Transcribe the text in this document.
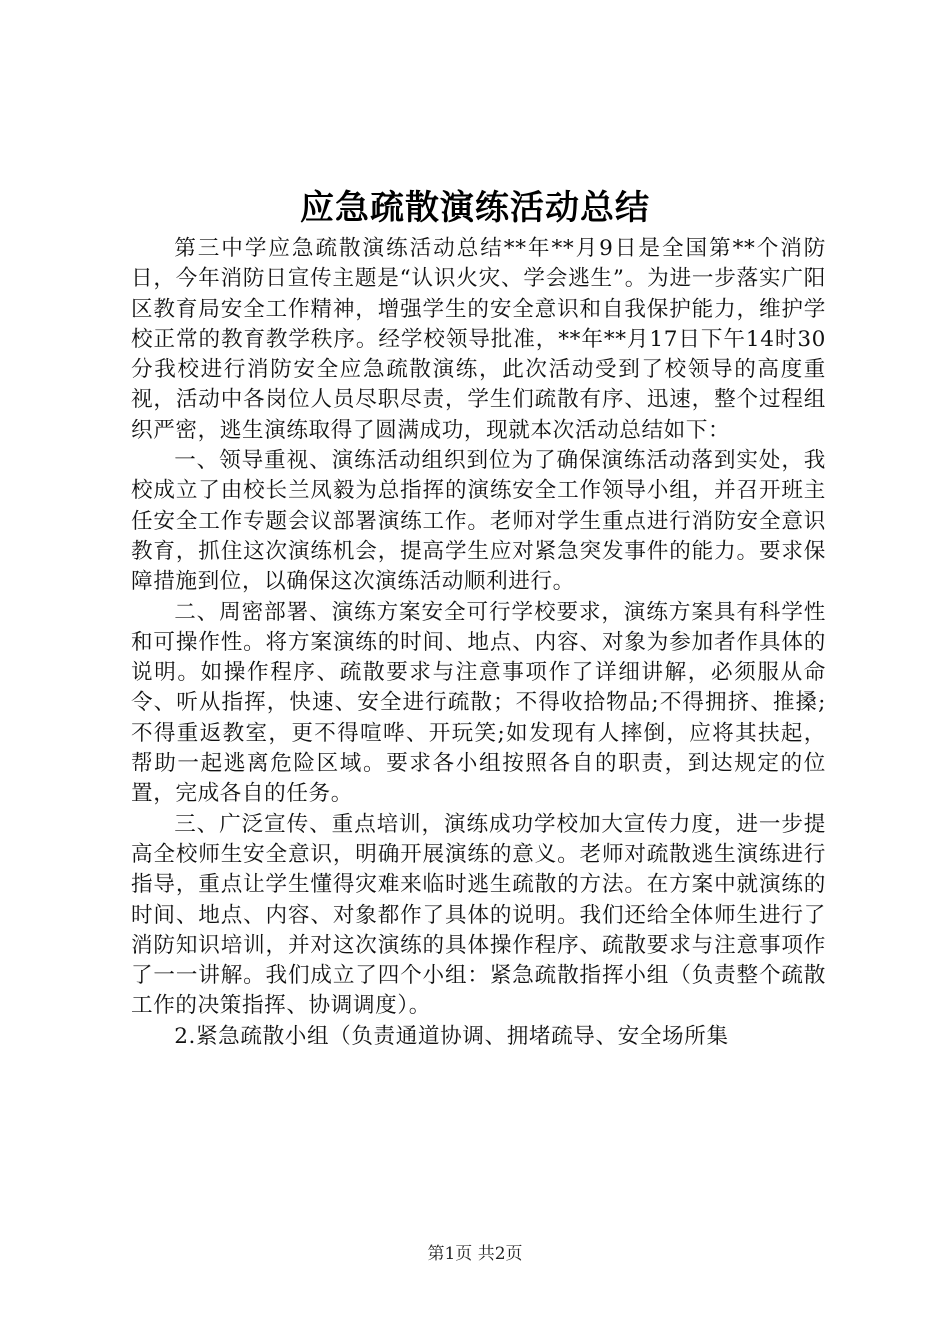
应急疏散演练活动总结

第三中学应急疏散演练活动总结**年**月9日是全国第**个消防日，今年消防日宣传主题是“认识火灾、学会逃生”。为进一步落实广阳区教育局安全工作精神，增强学生的安全意识和自我保护能力，维护学校正常的教育教学秩序。经学校领导批准，**年**月17日下午14时30分我校进行消防安全应急疏散演练，此次活动受到了校领导的高度重视，活动中各岗位人员尽职尽责，学生们疏散有序、迅速，整个过程组织严密，逃生演练取得了圆满成功，现就本次活动总结如下：

一、领导重视、演练活动组织到位为了确保演练活动落到实处，我校成立了由校长兰凤毅为总指挥的演练安全工作领导小组，并召开班主任安全工作专题会议部署演练工作。老师对学生重点进行消防安全意识教育，抓住这次演练机会，提高学生应对紧急突发事件的能力。要求保障措施到位，以确保这次演练活动顺利进行。

二、周密部署、演练方案安全可行学校要求，演练方案具有科学性和可操作性。将方案演练的时间、地点、内容、对象为参加者作具体的说明。如操作程序、疏散要求与注意事项作了详细讲解，必须服从命令、听从指挥，快速、安全进行疏散；不得收拾物品;不得拥挤、推搡;不得重返教室，更不得喧哗、开玩笑;如发现有人摔倒，应将其扶起，帮助一起逃离危险区域。要求各小组按照各自的职责，到达规定的位置，完成各自的任务。

三、广泛宣传、重点培训，演练成功学校加大宣传力度，进一步提高全校师生安全意识，明确开展演练的意义。老师对疏散逃生演练进行指导，重点让学生懂得灾难来临时逃生疏散的方法。在方案中就演练的时间、地点、内容、对象都作了具体的说明。我们还给全体师生进行了消防知识培训，并对这次演练的具体操作程序、疏散要求与注意事项作了一一讲解。我们成立了四个小组：紧急疏散指挥小组（负责整个疏散工作的决策指挥、协调调度）。

2.紧急疏散小组（负责通道协调、拥堵疏导、安全场所集

第1页 共2页
